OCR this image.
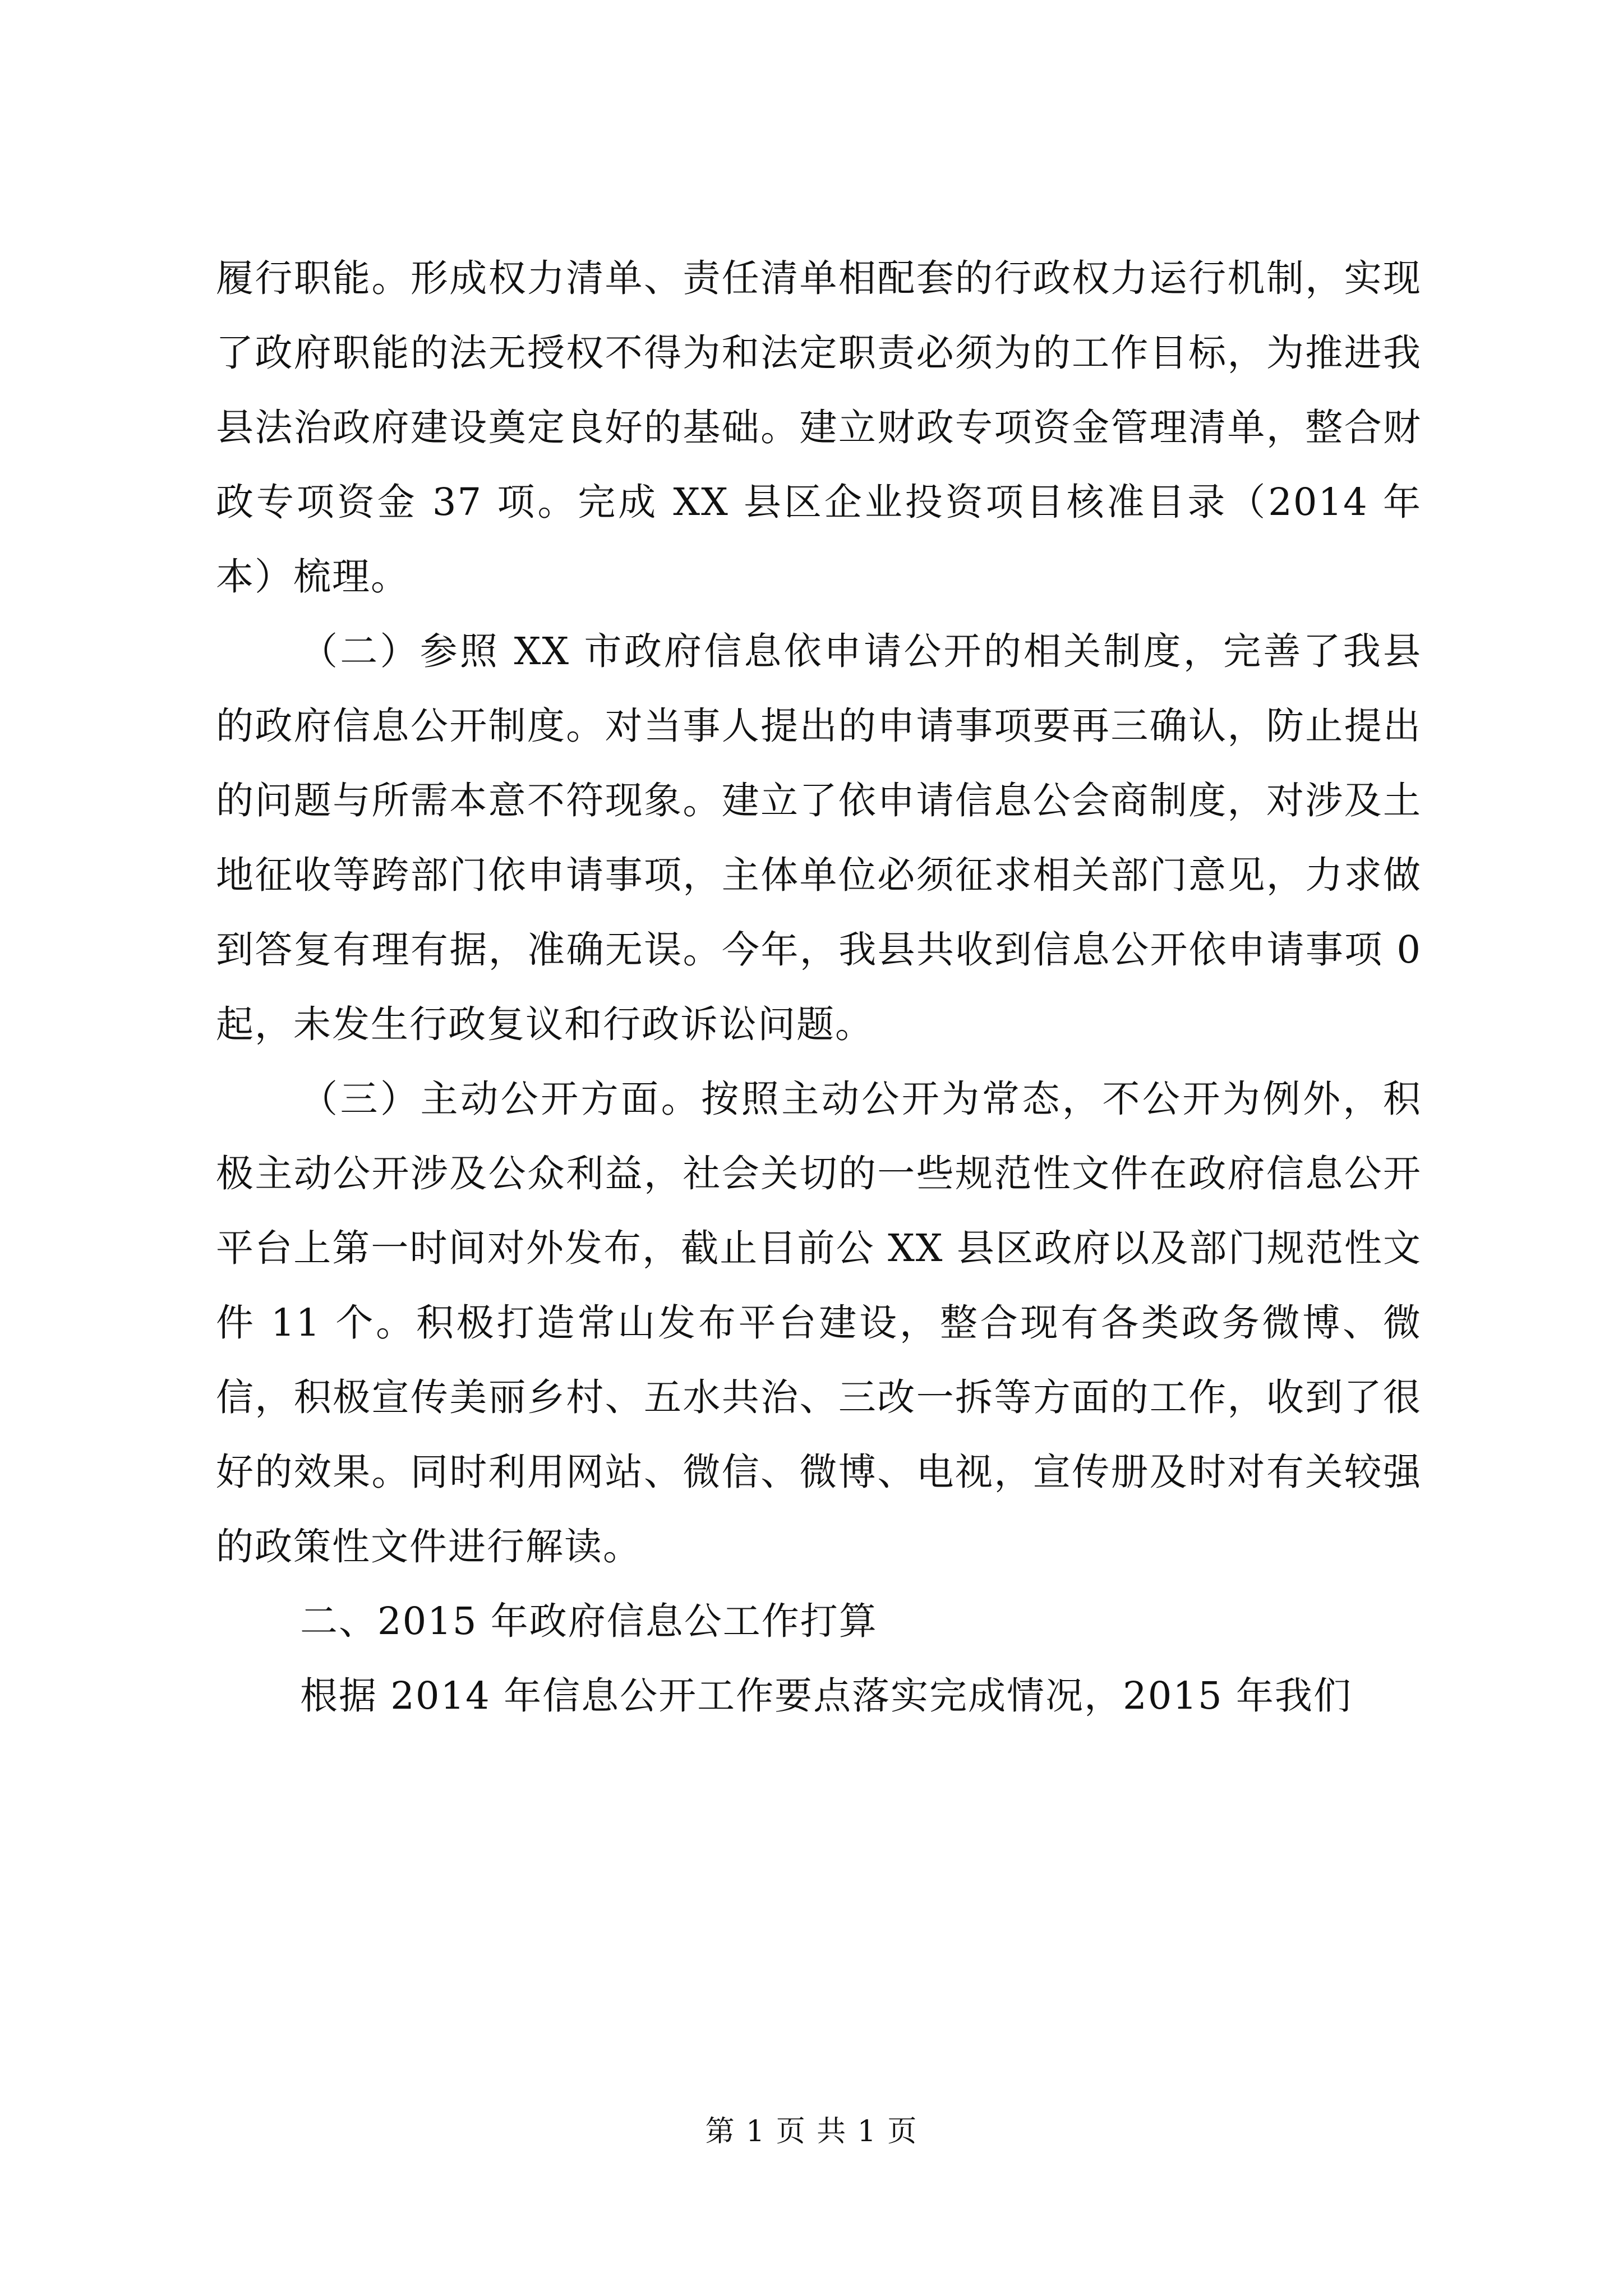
履行职能。形成权力清单、责任清单相配套的行政权力运行机制，实现了政府职能的法无授权不得为和法定职责必须为的工作目标，为推进我县法治政府建设奠定良好的基础。建立财政专项资金管理清单，整合财政专项资金 37 项。完成 XX 县区企业投资项目核准目录（2014 年本）梳理。

（二）参照 XX 市政府信息依申请公开的相关制度，完善了我县的政府信息公开制度。对当事人提出的申请事项要再三确认，防止提出的问题与所需本意不符现象。建立了依申请信息公会商制度，对涉及土地征收等跨部门依申请事项，主体单位必须征求相关部门意见，力求做到答复有理有据，准确无误。今年，我县共收到信息公开依申请事项 0 起，未发生行政复议和行政诉讼问题。

（三）主动公开方面。按照主动公开为常态，不公开为例外，积极主动公开涉及公众利益，社会关切的一些规范性文件在政府信息公开平台上第一时间对外发布，截止目前公 XX 县区政府以及部门规范性文件 11 个。积极打造常山发布平台建设，整合现有各类政务微博、微信，积极宣传美丽乡村、五水共治、三改一拆等方面的工作，收到了很好的效果。同时利用网站、微信、微博、电视，宣传册及时对有关较强的政策性文件进行解读。

二、2015 年政府信息公工作打算

根据 2014 年信息公开工作要点落实完成情况，2015 年我们

第 1 页 共 1 页
